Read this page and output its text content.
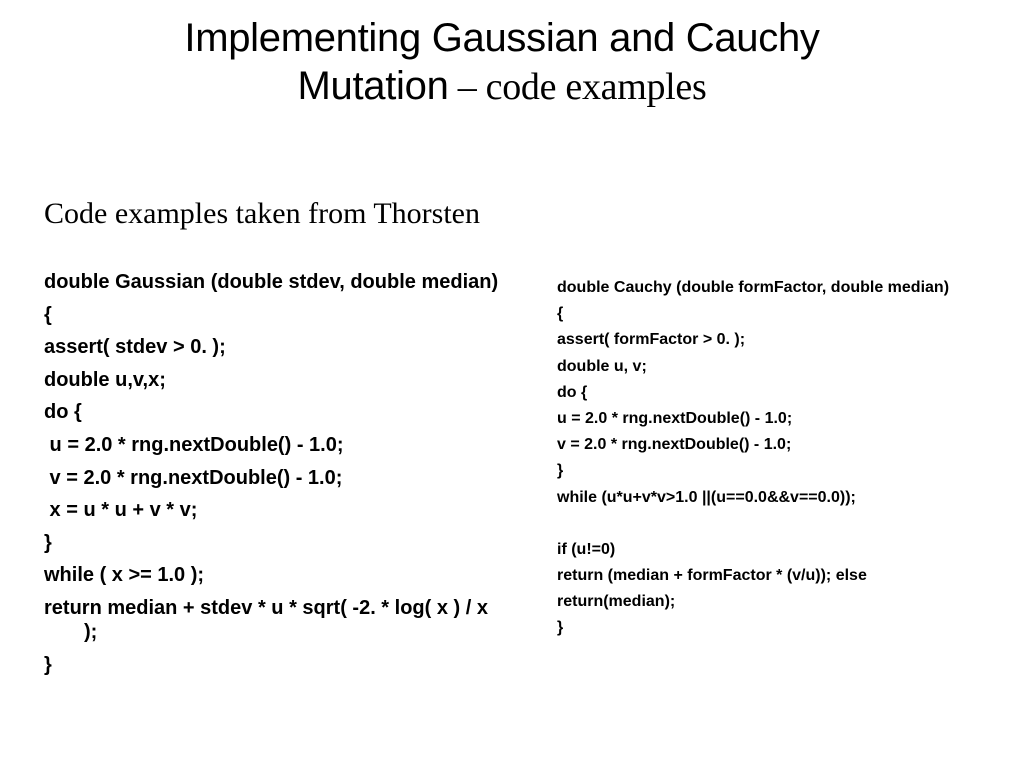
Implementing Gaussian and Cauchy
Mutation – code examples
Code examples taken from Thorsten
double Gaussian (double stdev, double median)
{
assert( stdev > 0. );
double u,v,x;
do {
u = 2.0 * rng.nextDouble() - 1.0;
v = 2.0 * rng.nextDouble() - 1.0;
x = u * u + v * v;
}
while ( x >= 1.0 );
return median + stdev * u * sqrt( -2. * log( x ) / x );
}
double Cauchy (double formFactor, double median)
{
assert( formFactor > 0. );
double u, v;
do {
u = 2.0 * rng.nextDouble() - 1.0;
v = 2.0 * rng.nextDouble() - 1.0;
}
while (u*u+v*v>1.0 ||(u==0.0&&v==0.0));
if (u!=0)
return (median + formFactor * (v/u)); else
return(median);
}
